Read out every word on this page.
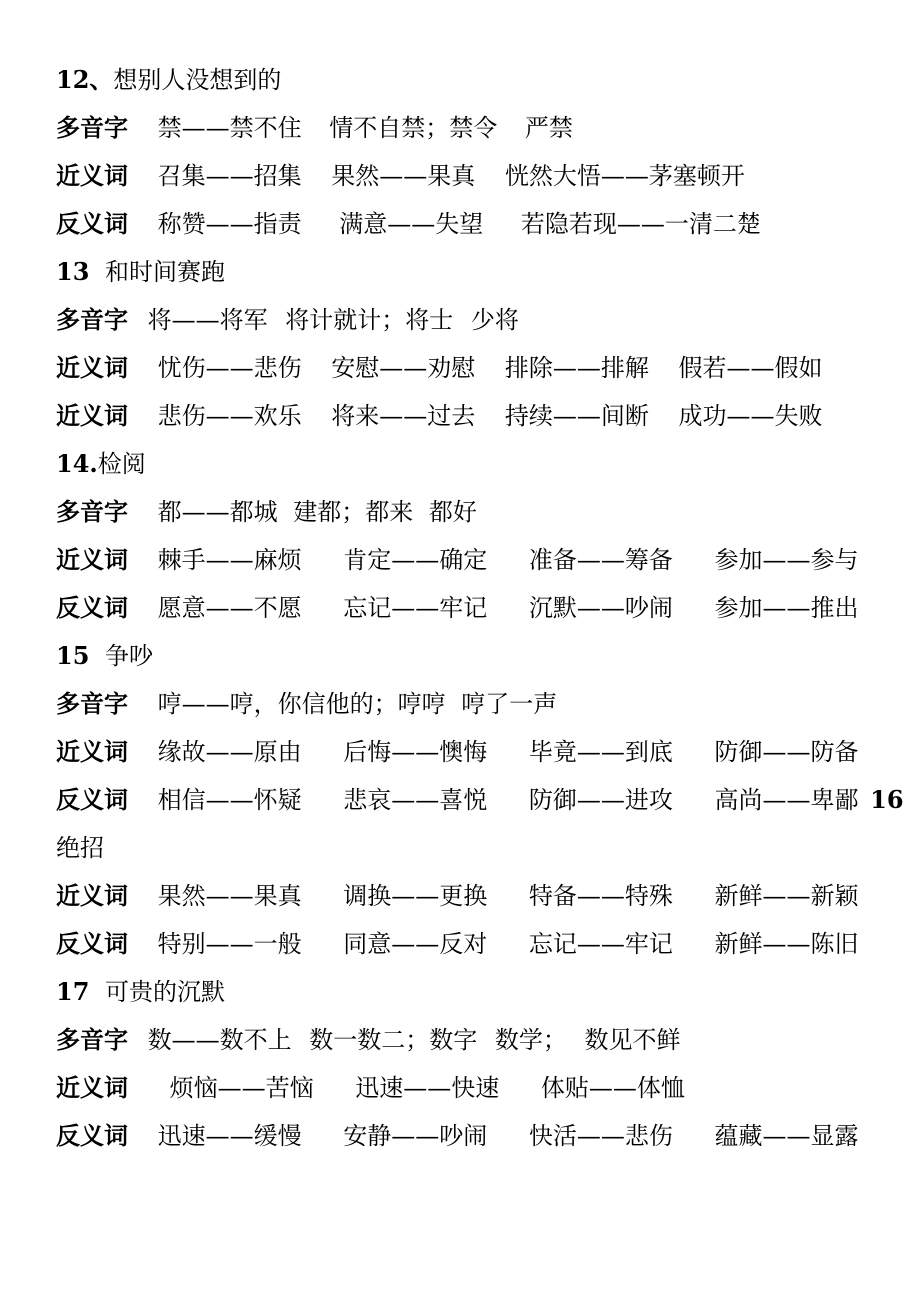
12、想别人没想到的
多音字 禁——禁不住 情不自禁；禁令 严禁
近义词 召集——招集 果然——果真 恍然大悟——茅塞顿开
反义词 称赞——指责 满意——失望 若隐若现——一清二楚
13 和时间赛跑
多音字 将——将军 将计就计；将士 少将
近义词 忧伤——悲伤 安慰——劝慰 排除——排解 假若——假如
近义词 悲伤——欢乐 将来——过去 持续——间断 成功——失败
14.检阅
多音字 都——都城 建都；都来 都好
近义词 棘手——麻烦 肯定——确定 准备——筹备 参加——参与
反义词 愿意——不愿 忘记——牢记 沉默——吵闹 参加——推出
15 争吵
多音字 哼——哼，你信他的；哼哼 哼了一声
近义词 缘故——原由 后悔——懊悔 毕竟——到底 防御——防备
反义词 相信——怀疑 悲哀——喜悦 防御——进攻 高尚——卑鄙 16
绝招
近义词 果然——果真 调换——更换 特备——特殊 新鲜——新颖
反义词 特别——一般 同意——反对 忘记——牢记 新鲜——陈旧
17 可贵的沉默
多音字 数——数不上 数一数二；数字 数学； 数见不鲜
近义词 烦恼——苦恼 迅速——快速 体贴——体恤
反义词 迅速——缓慢 安静——吵闹 快活——悲伤 蕴藏——显露
